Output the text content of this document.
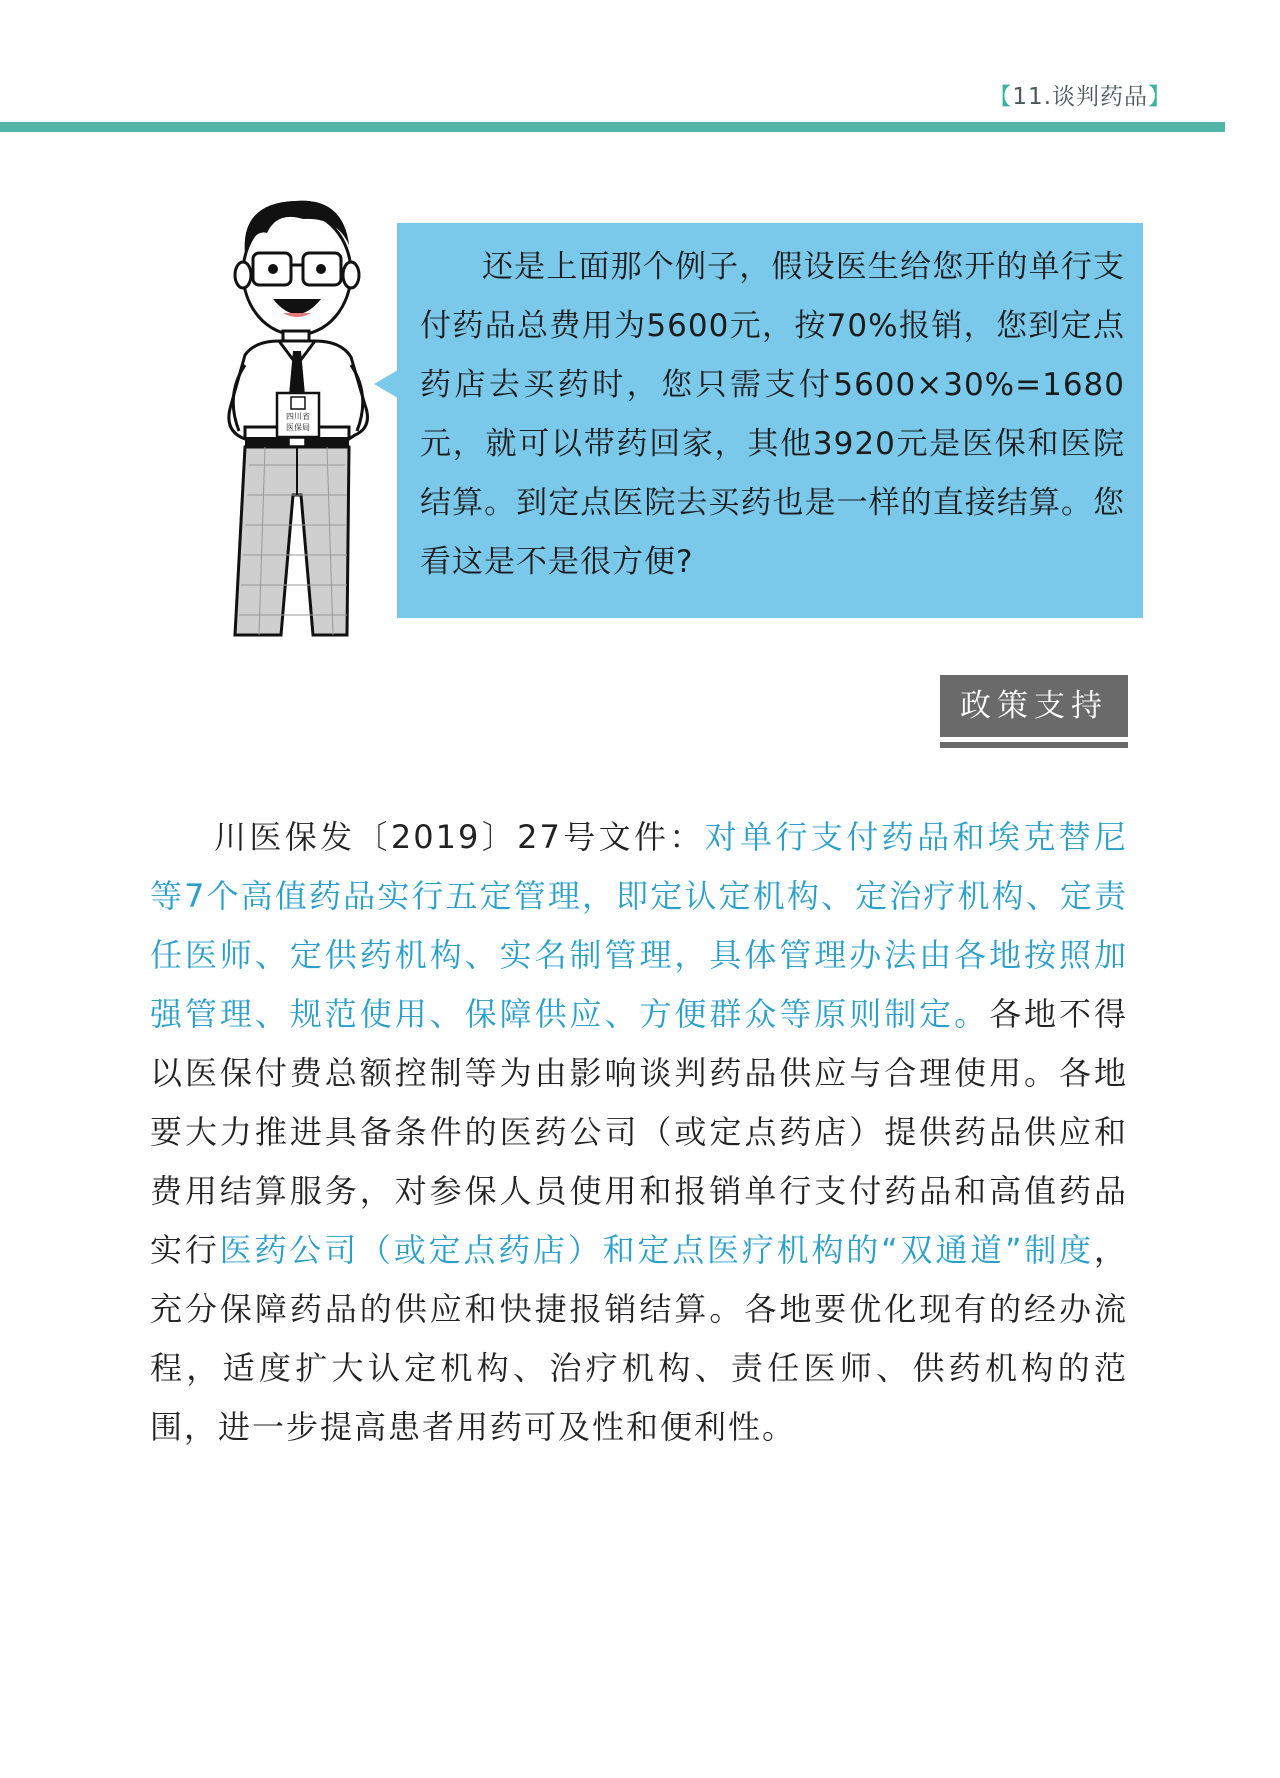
【11.谈判药品】
四川省
医保局

还是上面那个例子，假设医生给您开的单行支付药品总费用为5600元，按70%报销，您到定点药店去买药时，您只需支付5600×30%=1680元，就可以带药回家，其他3920元是医保和医院结算。到定点医院去买药也是一样的直接结算。您看这是不是很方便?

政策支持

川医保发〔2019〕27号文件：对单行支付药品和埃克替尼等7个高值药品实行五定管理，即定认定机构、定治疗机构、定责任医师、定供药机构、实名制管理，具体管理办法由各地按照加强管理、规范使用、保障供应、方便群众等原则制定。各地不得以医保付费总额控制等为由影响谈判药品供应与合理使用。各地要大力推进具备条件的医药公司（或定点药店）提供药品供应和费用结算服务，对参保人员使用和报销单行支付药品和高值药品实行医药公司（或定点药店）和定点医疗机构的“双通道”制度，充分保障药品的供应和快捷报销结算。各地要优化现有的经办流程，适度扩大认定机构、治疗机构、责任医师、供药机构的范围，进一步提高患者用药可及性和便利性。
